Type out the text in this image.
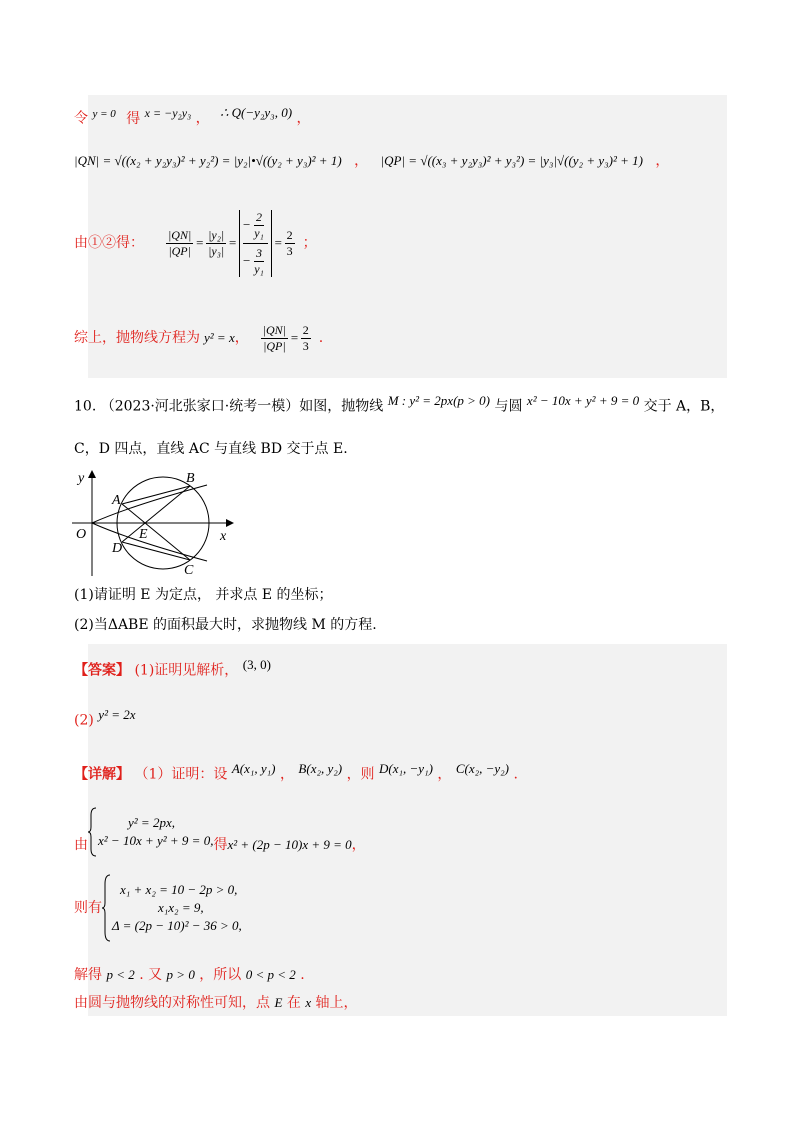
令 $^{y = 0}$ 得 x = −y₂y₃ ， ∴ Q(−y₂y₃, 0) ，
|QN| = √((x₂ + y₂y₃)² + y₂²) = |y₂|•√((y₂ + y₃)² + 1) ， |QP| = √((x₃ + y₂y₃)² + y₃²) = |y₃|√((y₂ + y₃)² + 1) ，
由①②得： $\frac{|QN|}{|QP|} = \frac{\text{|y₂|}}{\text{|y₃|}} = \frac{- \frac{2}{\text{y₁}}}{- \frac{3}{\text{y₁}}} = \frac{2}{3}$ ；
综上，抛物线方程为 y² = x ， $\frac{|QN|}{|QP|} = \frac{2}{3}$ .
10. （2023·河北张家口·统考一模）如图，抛物线 M : y² = 2px(p > 0) 与圆 x² − 10x + y² + 9 = 0 交于 A，B，
C，D 四点，直线 AC 与直线 BD 交于点 E.
y
x
O
A
B
C
D
E
(1)请证明 E 为定点， 并求点 E 的坐标；
(2)当ΔABE 的面积最大时，求抛物线 M 的方程.
【答案】 (1)证明见解析， (3, 0)
(2) y² = 2x
【详解】 （1）证明：设 A(x₁, y₁) ， B(x₂, y₂) ，则 D(x₁, −y₁) ， C(x₂, −y₂) .
由
y² = 2px,
x² − 10x + y² + 9 = 0, 得 x² + (2p − 10)x + 9 = 0 ，
则有
x₁ + x₂ = 10 − 2p > 0,
x₁x₂ = 9,
Δ = (2p − 10)² − 36 > 0,
解得 p < 2 . 又 p > 0 ，所以 0 < p < 2 .
由圆与抛物线的对称性可知，点 E 在 x 轴上，
